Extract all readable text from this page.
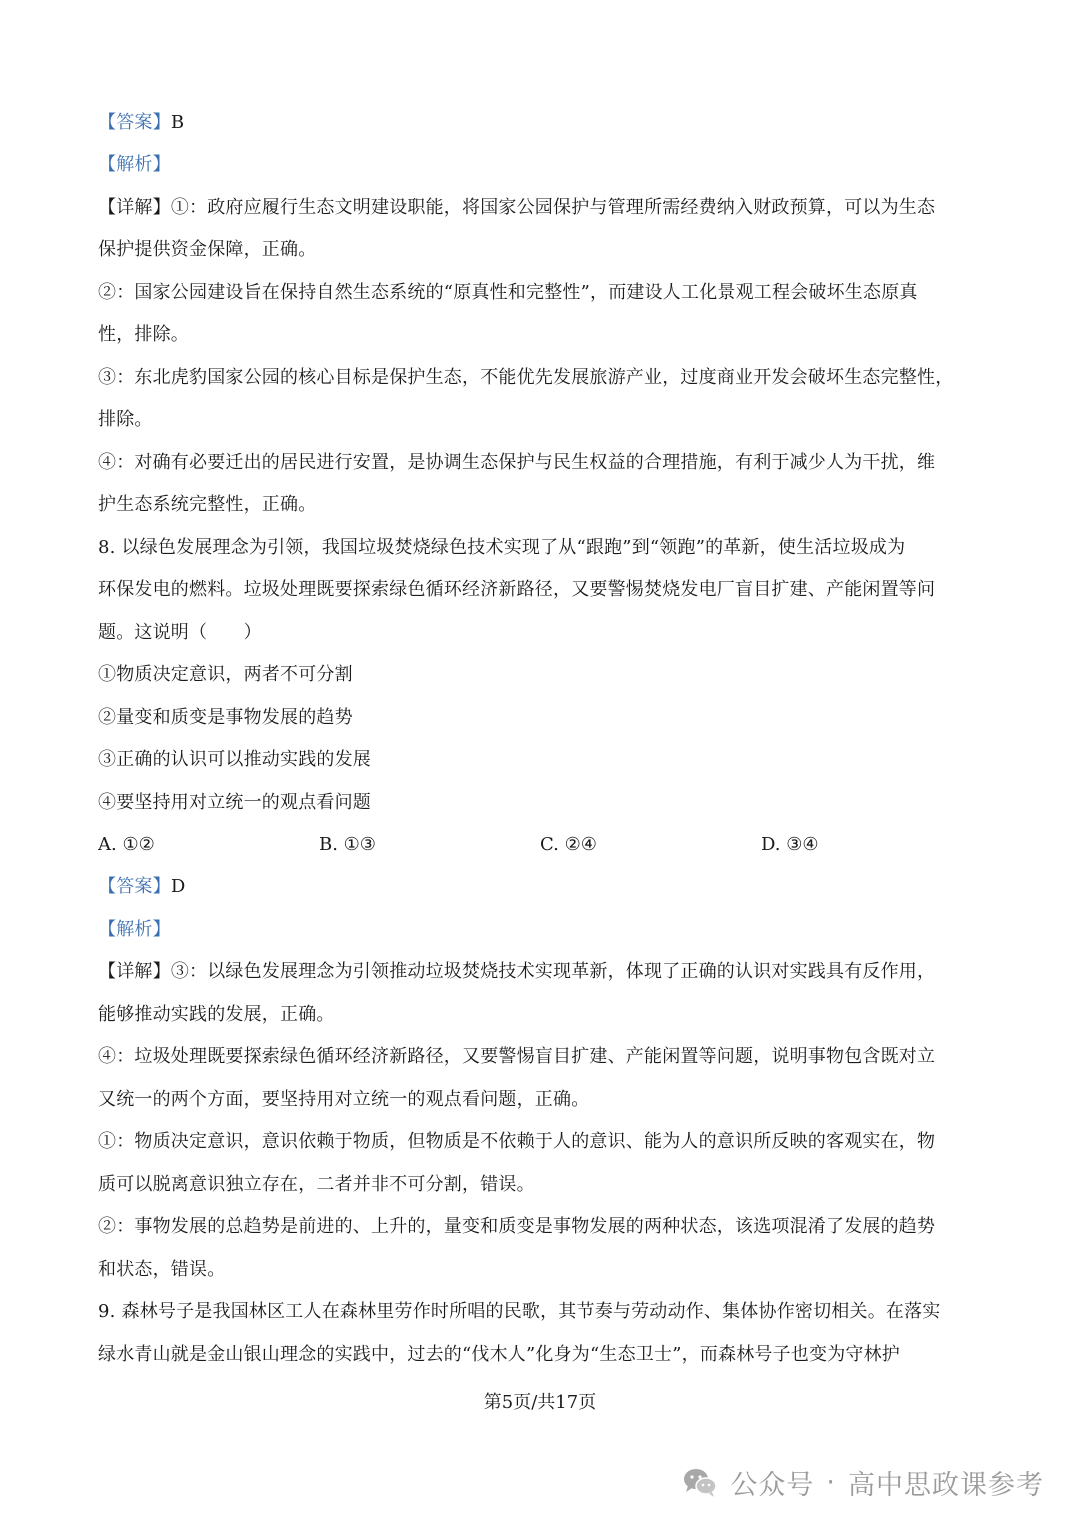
【答案】B
【解析】
【详解】①：政府应履行生态文明建设职能，将国家公园保护与管理所需经费纳入财政预算，可以为生态
保护提供资金保障，正确。
②：国家公园建设旨在保持自然生态系统的“原真性和完整性”，而建设人工化景观工程会破坏生态原真
性，排除。
③：东北虎豹国家公园的核心目标是保护生态，不能优先发展旅游产业，过度商业开发会破坏生态完整性，
排除。
④：对确有必要迁出的居民进行安置，是协调生态保护与民生权益的合理措施，有利于减少人为干扰，维
护生态系统完整性，正确。
8. 以绿色发展理念为引领，我国垃圾焚烧绿色技术实现了从“跟跑”到“领跑”的革新，使生活垃圾成为
环保发电的燃料。垃圾处理既要探索绿色循环经济新路径，又要警惕焚烧发电厂盲目扩建、产能闲置等问
题。这说明（　　）
①物质决定意识，两者不可分割
②量变和质变是事物发展的趋势
③正确的认识可以推动实践的发展
④要坚持用对立统一的观点看问题
A. ①②	B. ①③	C. ②④	D. ③④
【答案】D
【解析】
【详解】③：以绿色发展理念为引领推动垃圾焚烧技术实现革新，体现了正确的认识对实践具有反作用，
能够推动实践的发展，正确。
④：垃圾处理既要探索绿色循环经济新路径，又要警惕盲目扩建、产能闲置等问题，说明事物包含既对立
又统一的两个方面，要坚持用对立统一的观点看问题，正确。
①：物质决定意识，意识依赖于物质，但物质是不依赖于人的意识、能为人的意识所反映的客观实在，物
质可以脱离意识独立存在，二者并非不可分割，错误。
②：事物发展的总趋势是前进的、上升的，量变和质变是事物发展的两种状态，该选项混淆了发展的趋势
和状态，错误。
9. 森林号子是我国林区工人在森林里劳作时所唱的民歌，其节奏与劳动动作、集体协作密切相关。在落实
绿水青山就是金山银山理念的实践中，过去的“伐木人”化身为“生态卫士”，而森林号子也变为守林护
第5页/共17页
公众号 · 高中思政课参考
